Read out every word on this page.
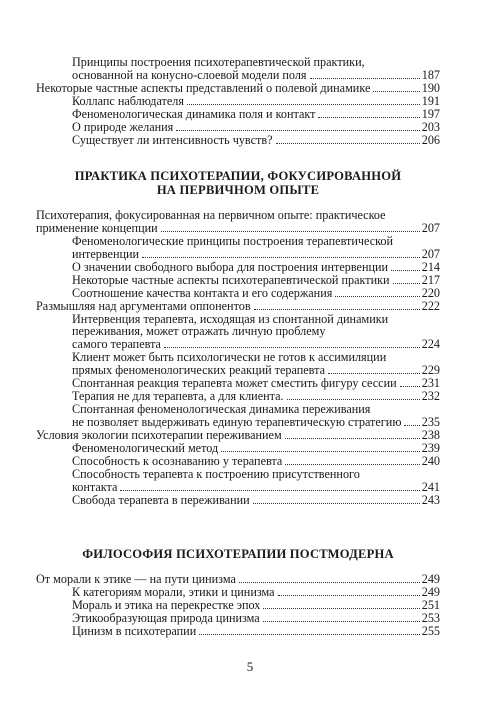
Принципы построения психотерапевтической практики,
основанной на конусно-слоевой модели поля	187
Некоторые частные аспекты представлений о полевой динамике	190
Коллапс наблюдателя	191
Феноменологическая динамика поля и контакт	197
О природе желания	203
Существует ли интенсивность чувств?	206
ПРАКТИКА ПСИХОТЕРАПИИ, ФОКУСИРОВАННОЙ
НА ПЕРВИЧНОМ ОПЫТЕ
Психотерапия, фокусированная на первичном опыте: практическое
применение концепции	207
Феноменологические принципы построения терапевтической
интервенции	207
О значении свободного выбора для построения интервенции	214
Некоторые частные аспекты психотерапевтической практики	217
Соотношение качества контакта и его содержания	220
Размышляя над аргументами оппонентов	222
Интервенция терапевта, исходящая из спонтанной динамики
переживания, может отражать личную проблему
самого терапевта	224
Клиент может быть психологически не готов к ассимиляции
прямых феноменологических реакций терапевта	229
Спонтанная реакция терапевта может сместить фигуру сессии 231
Терапия не для терапевта, а для клиента.	232
Спонтанная феноменологическая динамика переживания
не позволяет выдерживать единую терапевтическую стратегию 235
Условия экологии психотерапии переживанием	238
Феноменологический метод	239
Способность к осознаванию у терапевта	240
Способность терапевта к построению присутственного
контакта	241
Свобода терапевта в переживании	243
ФИЛОСОФИЯ ПСИХОТЕРАПИИ ПОСТМОДЕРНА
От морали к этике — на пути цинизма	249
К категориям морали, этики и цинизма	249
Мораль и этика на перекрестке эпох	251
Этикообразующая природа цинизма	253
Цинизм в психотерапии	255
5
